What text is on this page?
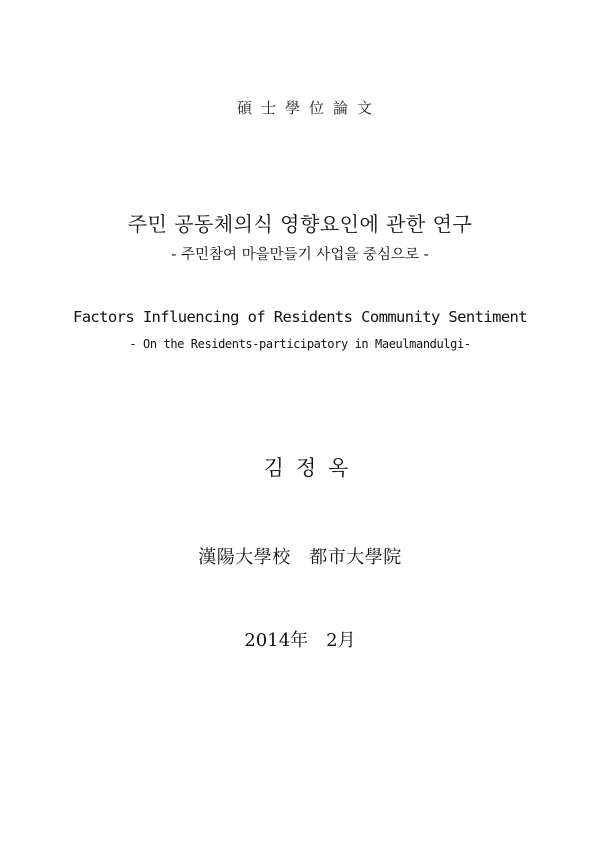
碩士學位論文
주민 공동체의식 영향요인에 관한 연구
- 주민참여 마을만들기 사업을 중심으로 -
Factors Influencing of Residents Community Sentiment
- On the Residents-participatory in Maeulmandulgi-
김정옥
漢陽大學校　都市大學院
2014年　2月
